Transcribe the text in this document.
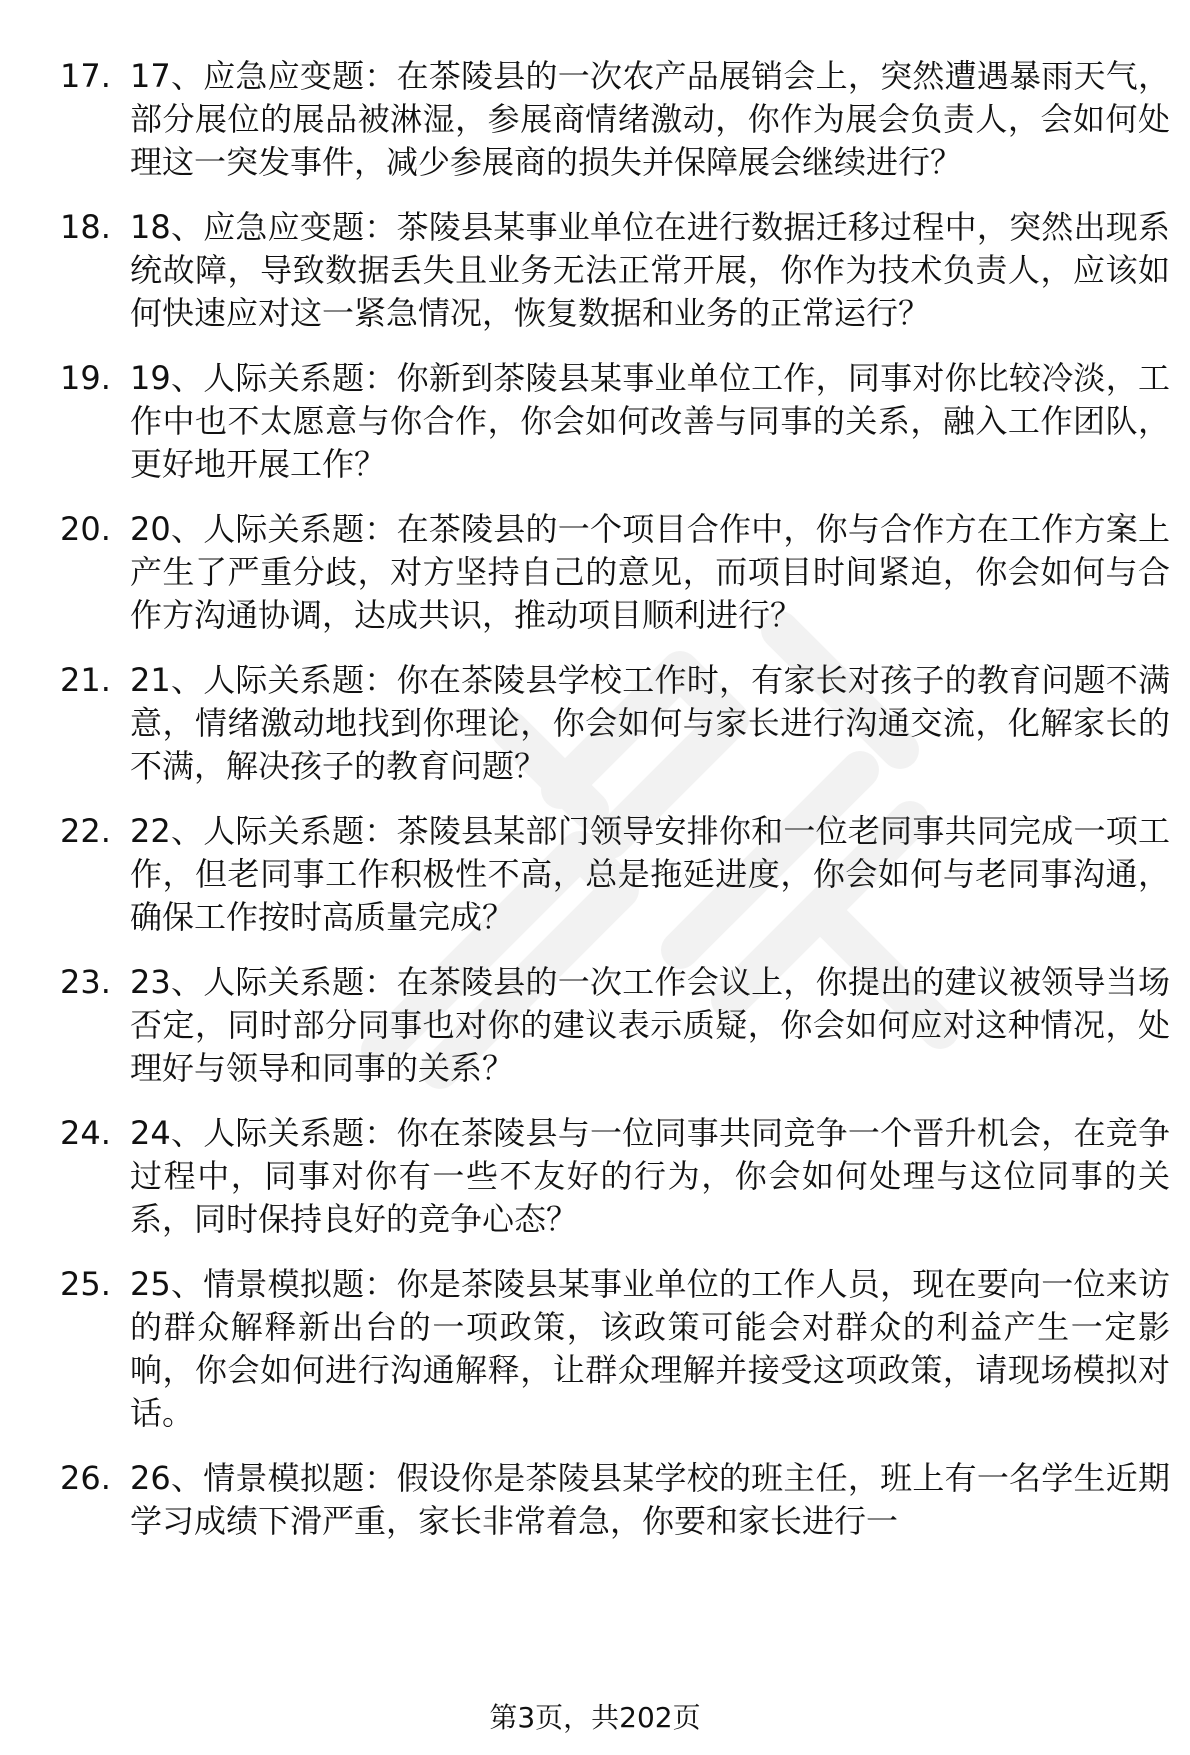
17. 17、应急应变题：在茶陵县的一次农产品展销会上，突然遭遇暴雨天气，部分展位的展品被淋湿，参展商情绪激动，你作为展会负责人，会如何处理这一突发事件，减少参展商的损失并保障展会继续进行？
18. 18、应急应变题：茶陵县某事业单位在进行数据迁移过程中，突然出现系统故障，导致数据丢失且业务无法正常开展，你作为技术负责人，应该如何快速应对这一紧急情况，恢复数据和业务的正常运行？
19. 19、人际关系题：你新到茶陵县某事业单位工作，同事对你比较冷淡，工作中也不太愿意与你合作，你会如何改善与同事的关系，融入工作团队，更好地开展工作？
20. 20、人际关系题：在茶陵县的一个项目合作中，你与合作方在工作方案上产生了严重分歧，对方坚持自己的意见，而项目时间紧迫，你会如何与合作方沟通协调，达成共识，推动项目顺利进行？
21. 21、人际关系题：你在茶陵县学校工作时，有家长对孩子的教育问题不满意，情绪激动地找到你理论，你会如何与家长进行沟通交流，化解家长的不满，解决孩子的教育问题？
22. 22、人际关系题：茶陵县某部门领导安排你和一位老同事共同完成一项工作，但老同事工作积极性不高，总是拖延进度，你会如何与老同事沟通，确保工作按时高质量完成？
23. 23、人际关系题：在茶陵县的一次工作会议上，你提出的建议被领导当场否定，同时部分同事也对你的建议表示质疑，你会如何应对这种情况，处理好与领导和同事的关系？
24. 24、人际关系题：你在茶陵县与一位同事共同竞争一个晋升机会，在竞争过程中，同事对你有一些不友好的行为，你会如何处理与这位同事的关系，同时保持良好的竞争心态？
25. 25、情景模拟题：你是茶陵县某事业单位的工作人员，现在要向一位来访的群众解释新出台的一项政策，该政策可能会对群众的利益产生一定影响，你会如何进行沟通解释，让群众理解并接受这项政策，请现场模拟对话。
26. 26、情景模拟题：假设你是茶陵县某学校的班主任，班上有一名学生近期学习成绩下滑严重，家长非常着急，你要和家长进行一
第3页，共202页
